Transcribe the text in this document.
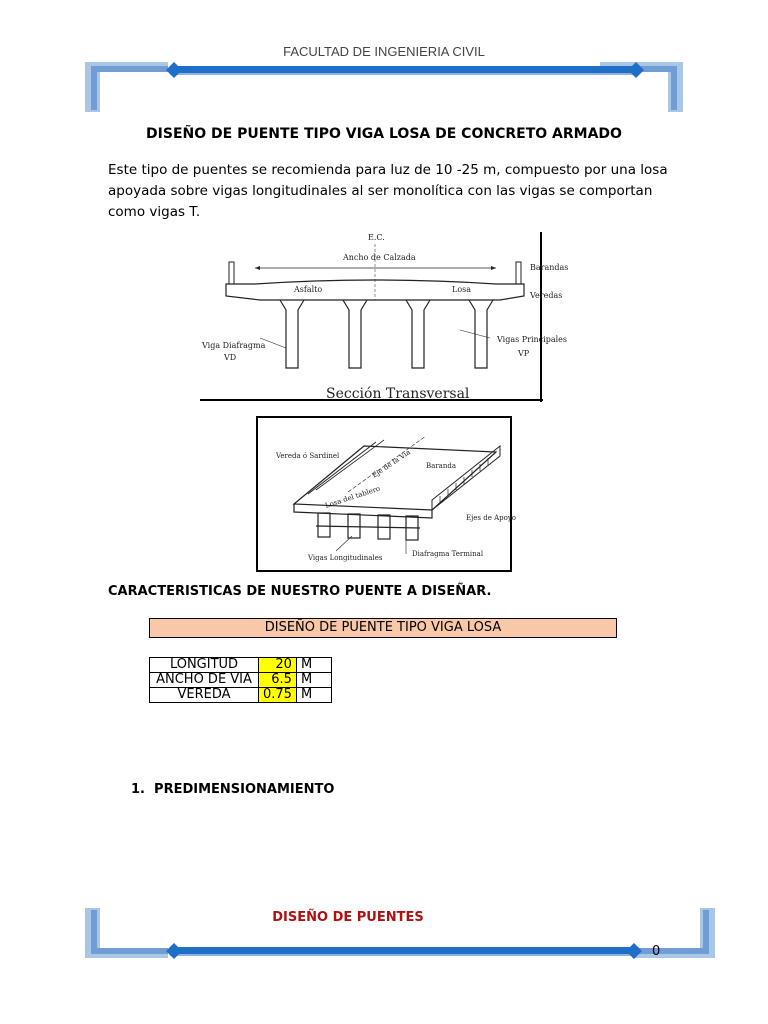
FACULTAD DE INGENIERIA CIVIL
DISEÑO DE PUENTE TIPO VIGA LOSA DE CONCRETO ARMADO
Este tipo de puentes se recomienda para luz de 10 -25 m, compuesto por una losa apoyada sobre vigas longitudinales al ser monolítica con las vigas se comportan como vigas T.
E.C.
Ancho de Calzada
Barandas
Asfalto	Losa
Veredas
Viga Diafragma
VD
Vigas Principales
VP
Sección Transversal
Vereda ó Sardinel	Eje de la Via Baranda
Losa del tablero
Ejes de Apoyo
Vigas Longitudinales	Diafragma Terminal
CARACTERISTICAS DE NUESTRO PUENTE A DISEÑAR.
DISEÑO DE PUENTE TIPO VIGA LOSA
LONGITUD	20	M
ANCHO DE VIA	6.5	M
VEREDA	0.75	M
1. PREDIMENSIONAMIENTO
DISEÑO DE PUENTES
0
